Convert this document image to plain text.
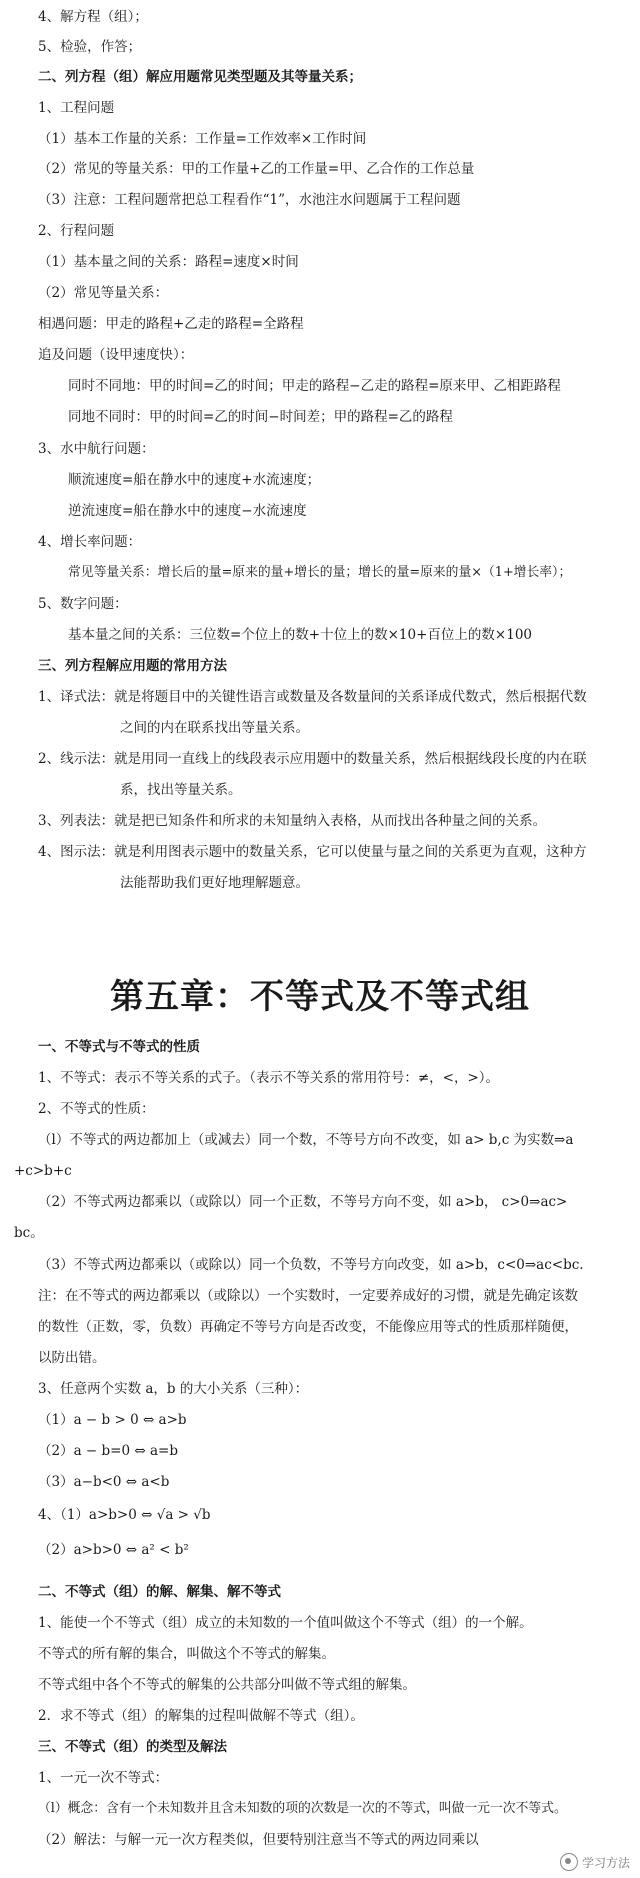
4、解方程（组）；
5、检验，作答；
二、列方程（组）解应用题常见类型题及其等量关系；
1、工程问题
（1）基本工作量的关系：工作量=工作效率×工作时间
（2）常见的等量关系：甲的工作量+乙的工作量=甲、乙合作的工作总量
（3）注意：工程问题常把总工程看作“1”，水池注水问题属于工程问题
2、行程问题
（1）基本量之间的关系：路程=速度×时间
（2）常见等量关系：
相遇问题：甲走的路程+乙走的路程=全路程
追及问题（设甲速度快）：
同时不同地：甲的时间=乙的时间；甲走的路程−乙走的路程=原来甲、乙相距路程
同地不同时：甲的时间=乙的时间−时间差；甲的路程=乙的路程
3、水中航行问题：
顺流速度=船在静水中的速度+水流速度；
逆流速度=船在静水中的速度−水流速度
4、增长率问题：
常见等量关系：增长后的量=原来的量+增长的量；增长的量=原来的量×（1+增长率）；
5、数字问题：
基本量之间的关系：三位数=个位上的数+十位上的数×10+百位上的数×100
三、列方程解应用题的常用方法
1、译式法：就是将题目中的关键性语言或数量及各数量间的关系译成代数式，然后根据代数
之间的内在联系找出等量关系。
2、线示法：就是用同一直线上的线段表示应用题中的数量关系，然后根据线段长度的内在联
系，找出等量关系。
3、列表法：就是把已知条件和所求的未知量纳入表格，从而找出各种量之间的关系。
4、图示法：就是利用图表示题中的数量关系，它可以使量与量之间的关系更为直观，这种方
法能帮助我们更好地理解题意。
第五章：不等式及不等式组
一、不等式与不等式的性质
1、不等式：表示不等关系的式子。（表示不等关系的常用符号：≠，<，>）。
2、不等式的性质：
（l）不等式的两边都加上（或减去）同一个数，不等号方向不改变，如 a> b,c 为实数⇒a
+c>b+c
（2）不等式两边都乘以（或除以）同一个正数，不等号方向不变，如 a>b， c>0⇒ac>
bc。
（3）不等式两边都乘以（或除以）同一个负数，不等号方向改变，如 a>b，c<0⇒ac<bc.
注：在不等式的两边都乘以（或除以）一个实数时，一定要养成好的习惯，就是先确定该数
的数性（正数，零，负数）再确定不等号方向是否改变，不能像应用等式的性质那样随便，
以防出错。
3、任意两个实数 a，b 的大小关系（三种）：
（1）a − b > 0 ⇔ a>b
（2）a − b=0 ⇔ a=b
（3）a−b<0 ⇔ a<b
4、（1）a>b>0 ⇔ √a > √b
（2）a>b>0 ⇔ a² < b²
二、不等式（组）的解、解集、解不等式
1、能使一个不等式（组）成立的未知数的一个值叫做这个不等式（组）的一个解。
不等式的所有解的集合，叫做这个不等式的解集。
不等式组中各个不等式的解集的公共部分叫做不等式组的解集。
2．求不等式（组）的解集的过程叫做解不等式（组）。
三、不等式（组）的类型及解法
1、一元一次不等式：
（l）概念：含有一个未知数并且含未知数的项的次数是一次的不等式，叫做一元一次不等式。
（2）解法：与解一元一次方程类似，但要特别注意当不等式的两边同乘以
学习方法
